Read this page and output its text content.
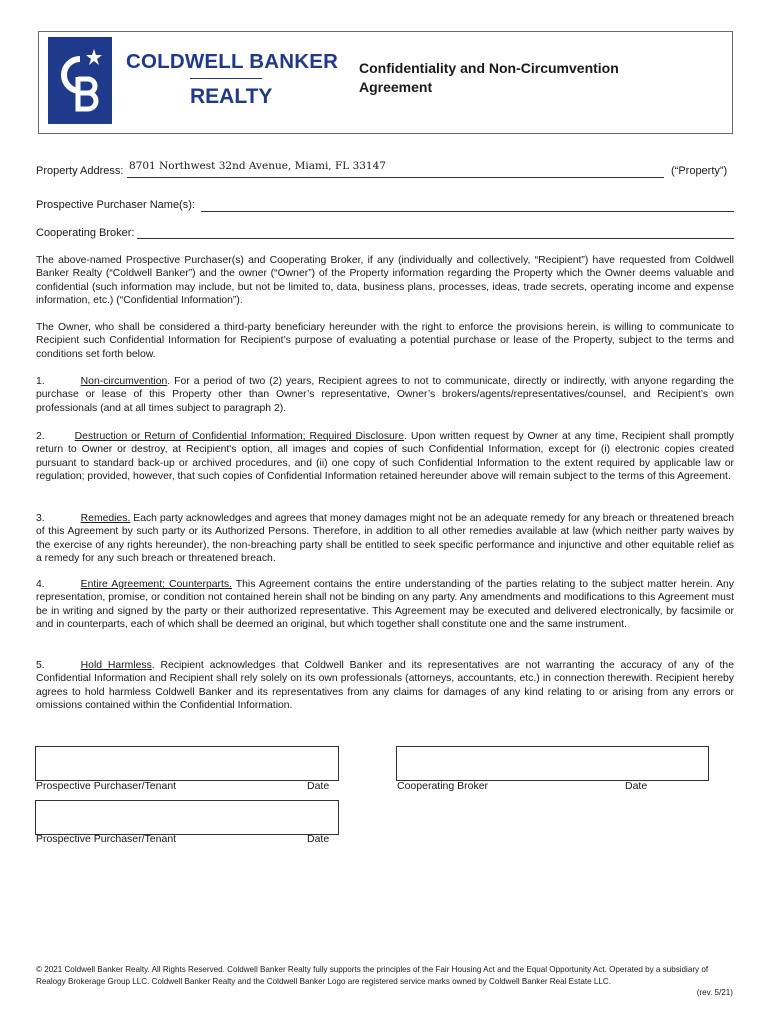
COLDWELL BANKER
REALTY
Confidentiality and Non-Circumvention Agreement
Property Address: 8701 Northwest 32nd Avenue, Miami, FL 33147	(“Property”)
Prospective Purchaser Name(s):
Cooperating Broker:
The above-named Prospective Purchaser(s) and Cooperating Broker, if any (individually and collectively, “Recipient”) have requested from Coldwell Banker Realty (“Coldwell Banker”) and the owner (“Owner”) of the Property information regarding the Property which the Owner deems valuable and confidential (such information may include, but not be limited to, data, business plans, processes, ideas, trade secrets, operating income and expense information, etc.) (“Confidential Information”).
The Owner, who shall be considered a third-party beneficiary hereunder with the right to enforce the provisions herein, is willing to communicate to Recipient such Confidential Information for Recipient’s purpose of evaluating a potential purchase or lease of the Property, subject to the terms and conditions set forth below.
1.	Non-circumvention. For a period of two (2) years, Recipient agrees to not to communicate, directly or indirectly, with anyone regarding the purchase or lease of this Property other than Owner’s representative, Owner’s brokers/agents/representatives/counsel, and Recipient’s own professionals (and at all times subject to paragraph 2).
2.	Destruction or Return of Confidential Information; Required Disclosure. Upon written request by Owner at any time, Recipient shall promptly return to Owner or destroy, at Recipient's option, all images and copies of such Confidential Information, except for (i) electronic copies created pursuant to standard back-up or archived procedures, and (ii) one copy of such Confidential Information to the extent required by applicable law or regulation; provided, however, that such copies of Confidential Information retained hereunder above will remain subject to the terms of this Agreement.
3.	Remedies. Each party acknowledges and agrees that money damages might not be an adequate remedy for any breach or threatened breach of this Agreement by such party or its Authorized Persons. Therefore, in addition to all other remedies available at law (which neither party waives by the exercise of any rights hereunder), the non-breaching party shall be entitled to seek specific performance and injunctive and other equitable relief as a remedy for any such breach or threatened breach.
4.	Entire Agreement; Counterparts. This Agreement contains the entire understanding of the parties relating to the subject matter herein. Any representation, promise, or condition not contained herein shall not be binding on any party. Any amendments and modifications to this Agreement must be in writing and signed by the party or their authorized representative. This Agreement may be executed and delivered electronically, by facsimile or and in counterparts, each of which shall be deemed an original, but which together shall constitute one and the same instrument.
5.	Hold Harmless. Recipient acknowledges that Coldwell Banker and its representatives are not warranting the accuracy of any of the Confidential Information and Recipient shall rely solely on its own professionals (attorneys, accountants, etc.) in connection therewith. Recipient hereby agrees to hold harmless Coldwell Banker and its representatives from any claims for damages of any kind relating to or arising from any errors or omissions contained within the Confidential Information.
Prospective Purchaser/Tenant	Date	Cooperating Broker	Date
Prospective Purchaser/Tenant	Date
© 2021 Coldwell Banker Realty. All Rights Reserved. Coldwell Banker Realty fully supports the principles of the Fair Housing Act and the Equal Opportunity Act. Operated by a subsidiary of Realogy Brokerage Group LLC. Coldwell Banker Realty and the Coldwell Banker Logo are registered service marks owned by Coldwell Banker Real Estate LLC.
(rev. 5/21)
